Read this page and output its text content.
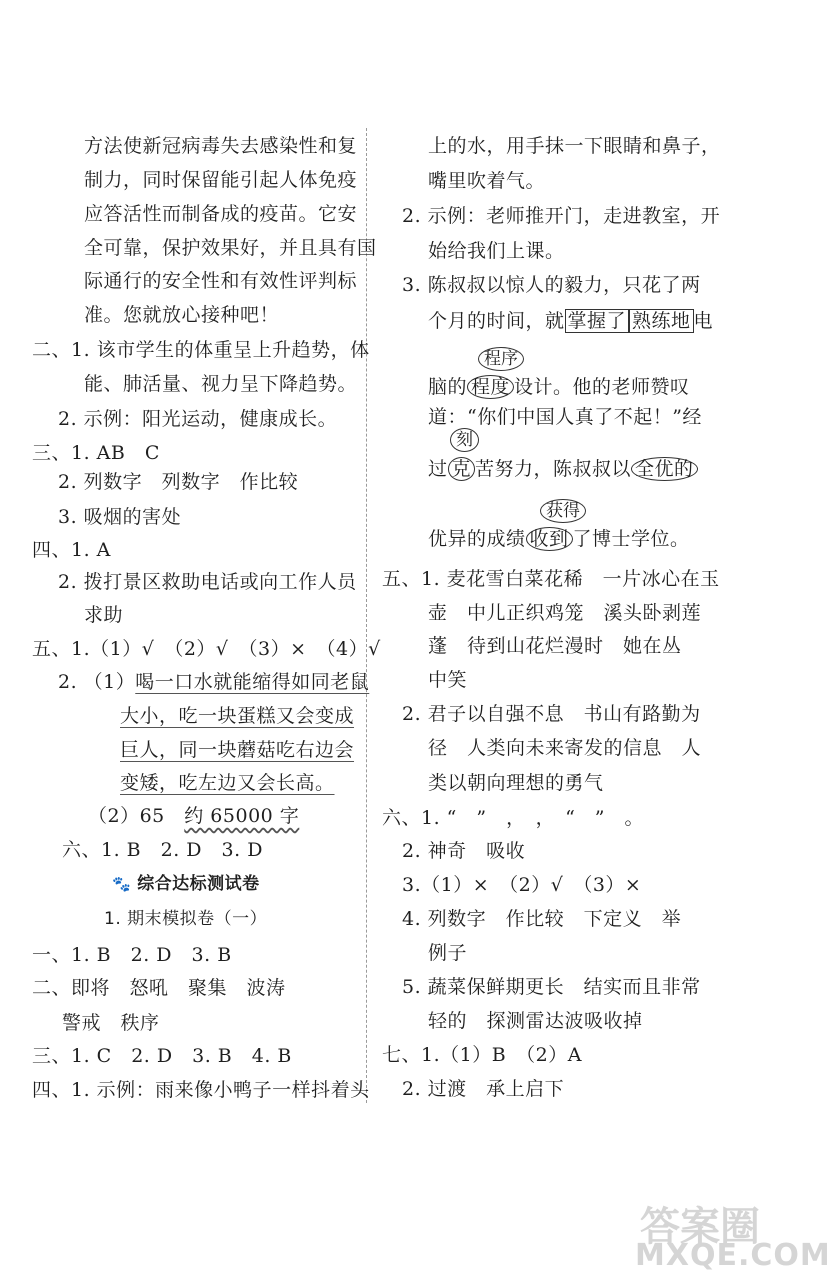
方法使新冠病毒失去感染性和复
制力，同时保留能引起人体免疫
应答活性而制备成的疫苗。它安
全可靠，保护效果好，并且具有国
际通行的安全性和有效性评判标
准。您就放心接种吧！
二、1. 该市学生的体重呈上升趋势，体
能、肺活量、视力呈下降趋势。
2. 示例：阳光运动，健康成长。
三、1. AB　C
2. 列数字　列数字　作比较
3. 吸烟的害处
四、1. A
2. 拨打景区救助电话或向工作人员
求助
五、1.（1）√　（2）√　（3）×　（4）√
2. （1）喝一口水就能缩得如同老鼠
大小，吃一块蛋糕又会变成
巨人，同一块蘑菇吃右边会
变矮，吃左边又会长高。
（2）65　约 65000 字
六、1. B　2. D　3. D
🐾 综合达标测试卷
1. 期末模拟卷（一）
一、1. B　2. D　3. B
二、即将　怒吼　聚集　波涛
警戒　秩序
三、1. C　2. D　3. B　4. B
四、1. 示例：雨来像小鸭子一样抖着头
上的水，用手抹一下眼睛和鼻子，
嘴里吹着气。
2. 示例：老师推开门，走进教室，开
始给我们上课。
3. 陈叔叔以惊人的毅力，只花了两
个月的时间，就 掌握了 熟练地 电
程序
脑的 程度 设计。他的老师赞叹
道：“你们中国人真了不起！”经
刻
过 克 苦努力，陈叔叔以 全优的
获得
优异的成绩 收到 了博士学位。
五、1. 麦花雪白菜花稀　一片冰心在玉
壶　中儿正织鸡笼　溪头卧剥莲
蓬　待到山花烂漫时　她在丛
中笑
2. 君子以自强不息　书山有路勤为
径　人类向未来寄发的信息　人
类以朝向理想的勇气
六、1. “　”　，　，　“　”　。
2. 神奇　吸收
3.（1）×　（2）√　（3）×
4. 列数字　作比较　下定义　举
例子
5. 蔬菜保鲜期更长　结实而且非常
轻的　探测雷达波吸收掉
七、1.（1）B　（2）A
2. 过渡　承上启下
答案圈
MXQE.COM
